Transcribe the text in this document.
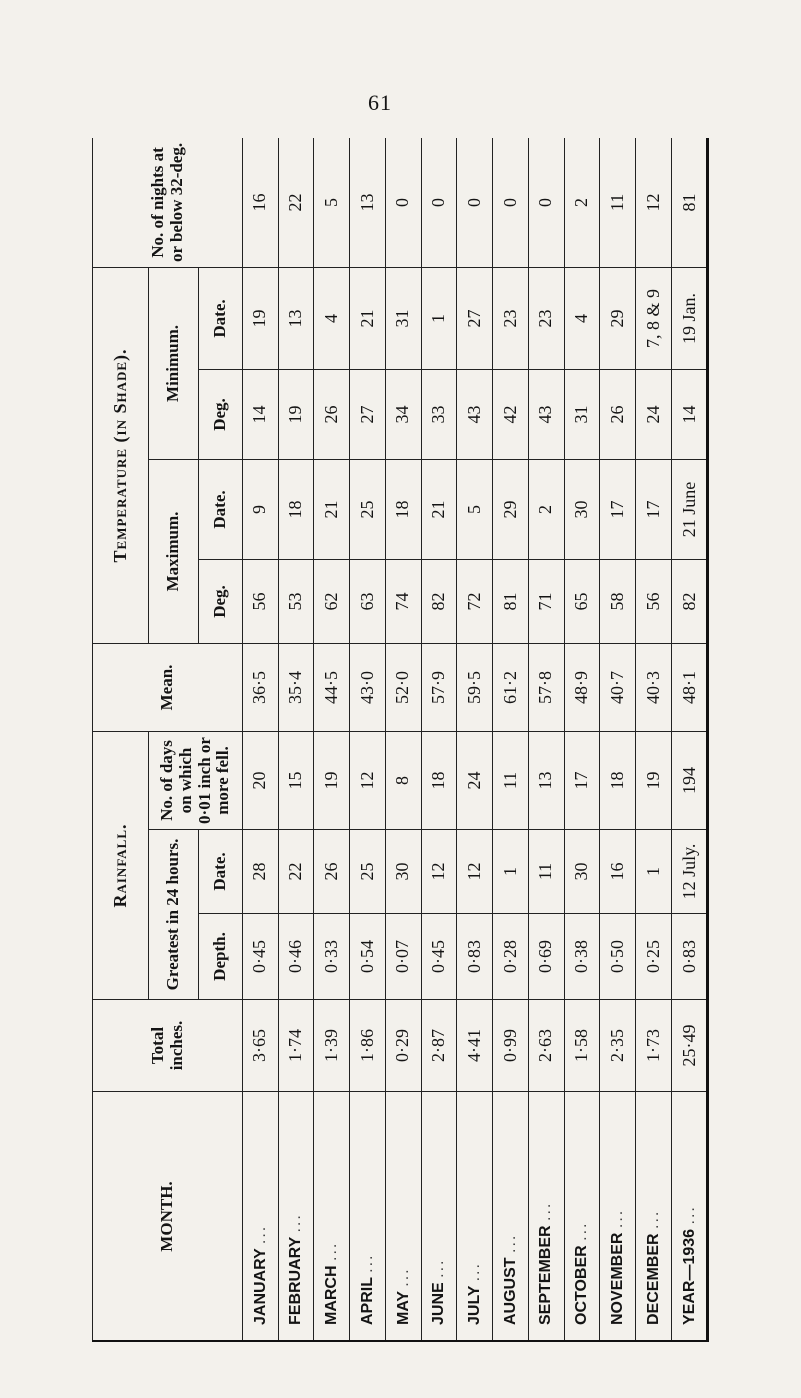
61
MONTH.	Total inches.	Rainfall.			Mean.	Temperature (in Shade).				No. of nights at or below 32-deg.
		Greatest in 24 hours.		No. of days on which 0·01 inch or more fell.		Maximum.		Minimum.		
		Depth.	Date.			Deg.	Date.	Deg.	Date.	
JANUARY ...	3·65	0·45	28	20	36·5	56	9	14	19	16
FEBRUARY ...	1·74	0·46	22	15	35·4	53	18	19	13	22
MARCH ...	1·39	0·33	26	19	44·5	62	21	26	4	5
APRIL ...	1·86	0·54	25	12	43·0	63	25	27	21	13
MAY ...	0·29	0·07	30	8	52·0	74	18	34	31	0
JUNE ...	2·87	0·45	12	18	57·9	82	21	33	1	0
JULY ...	4·41	0·83	12	24	59·5	72	5	43	27	0
AUGUST ...	0·99	0·28	1	11	61·2	81	29	42	23	0
SEPTEMBER ...	2·63	0·69	11	13	57·8	71	2	43	23	0
OCTOBER ...	1·58	0·38	30	17	48·9	65	30	31	4	2
NOVEMBER ...	2·35	0·50	16	18	40·7	58	17	26	29	11
DECEMBER ...	1·73	0·25	1	19	40·3	56	17	24	7, 8 & 9	12
YEAR—1936 ...	25·49	0·83	12 July.	194	48·1	82	21 June	14	19 Jan.	81
